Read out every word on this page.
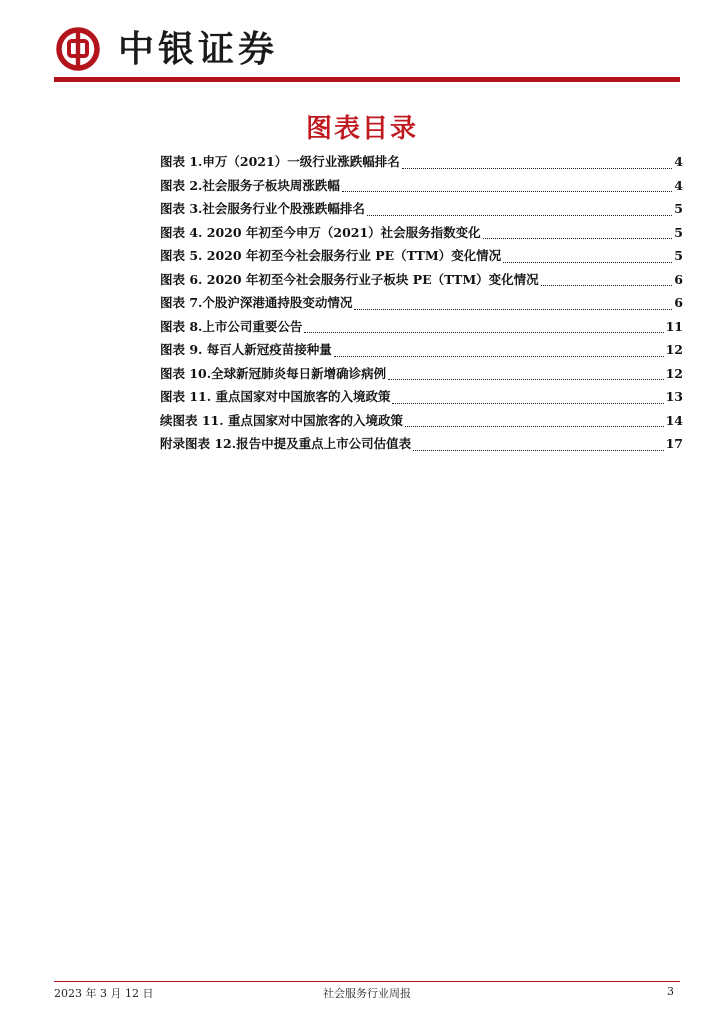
中银证券
图表目录
图表 1.申万（2021）一级行业涨跌幅排名	4
图表 2.社会服务子板块周涨跌幅	4
图表 3.社会服务行业个股涨跌幅排名	5
图表 4. 2020 年初至今申万（2021）社会服务指数变化	5
图表 5. 2020 年初至今社会服务行业 PE（TTM）变化情况	5
图表 6. 2020 年初至今社会服务行业子板块 PE（TTM）变化情况	6
图表 7.个股沪深港通持股变动情况	6
图表 8.上市公司重要公告	11
图表 9. 每百人新冠疫苗接种量	12
图表 10.全球新冠肺炎每日新增确诊病例	12
图表 11. 重点国家对中国旅客的入境政策	13
续图表 11. 重点国家对中国旅客的入境政策	14
附录图表 12.报告中提及重点上市公司估值表	17
2023 年 3 月 12 日	社会服务行业周报	3
